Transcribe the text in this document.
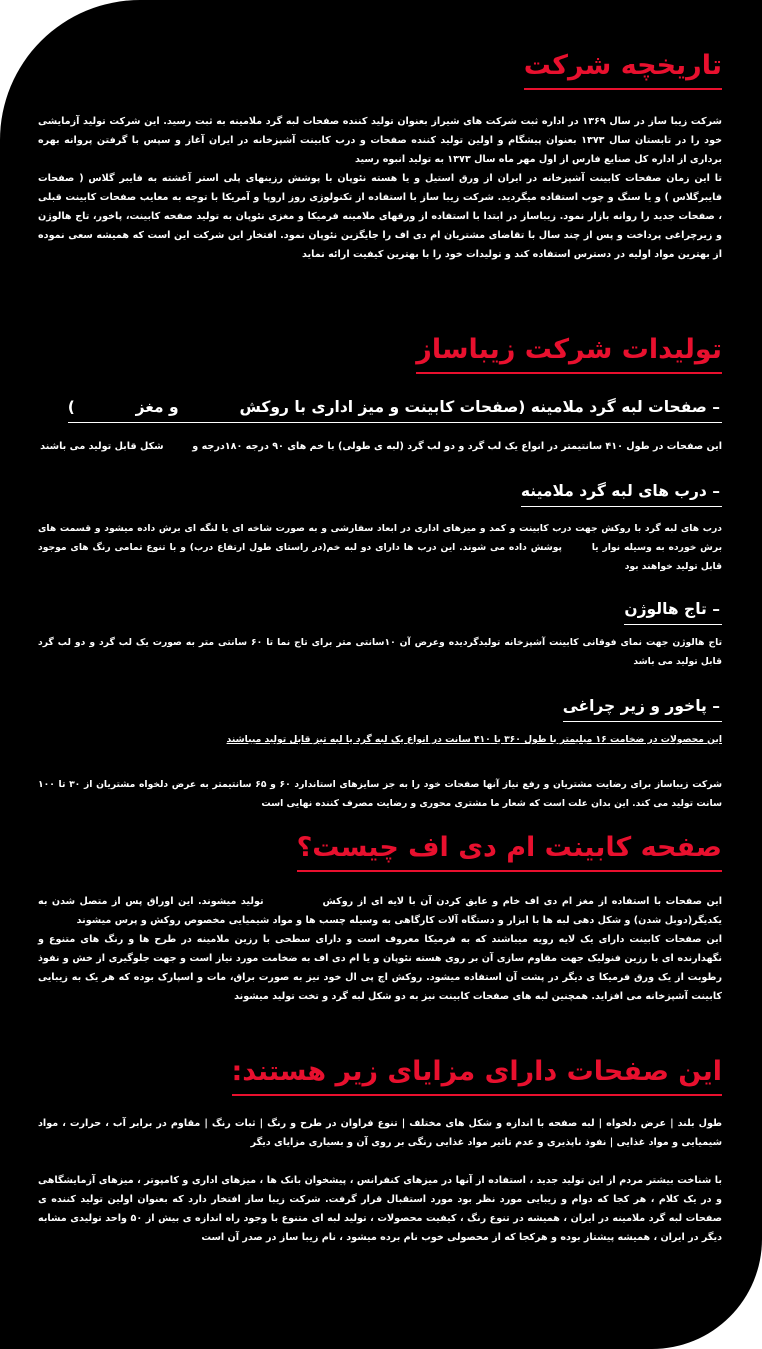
تاریخچه شرکت

شرکت زیبا ساز در سال ۱۳۶۹ در اداره ثبت شرکت های شیراز بعنوان تولید کننده صفحات لبه گرد ملامینه به ثبت رسید. این شرکت تولید آزمایشی خود را در تابستان سال ۱۳۷۳ بعنوان پیشگام و اولین تولید کننده صفحات و درب کابینت آشپزخانه در ایران آغاز و سپس با گرفتن پروانه بهره برداری از اداره کل صنایع فارس از اول مهر ماه سال ۱۳۷۳ به تولید انبوه رسید

تا این زمان صفحات کابینت آشپزخانه در ایران از ورق استیل و یا هسته نئوپان با پوشش رزینهای پلی استر آغشته به فایبر گلاس ( صفحات فایبرگلاس ) و یا سنگ و چوب استفاده میگردید. شرکت زیبا ساز با استفاده از تکنولوژی روز اروپا و آمریکا با توجه به معایب صفحات کابینت قبلی ، صفحات جدید را روانه بازار نمود. زیباساز در ابتدا با استفاده از ورقهای ملامینه فرمیکا و مغزی نئوپان به تولید صفحه کابینت، پاخور، تاج هالوژن و زیرچراغی پرداخت و پس از چند سال با تقاضای مشتریان ام دی اف را جایگزین نئوپان نمود. افتخار این شرکت این است که همیشه سعی نموده از بهترین مواد اولیه در دسترس استفاده کند و تولیدات خود را با بهترین کیفیت ارائه نماید

تولیدات شرکت زیباساز
– صفحات لبه گرد ملامینه (صفحات کابینت و میز اداری با روکش  و مغز  )

این صفحات در طول ۴۱۰ سانتیمتر در انواع یک لب گرد و دو لب گرد (لبه ی طولی) با خم های ۹۰ درجه ۱۸۰درجه و  شکل قابل تولید می باشند

– درب های لبه گرد ملامینه

درب های لبه گرد با روکش جهت درب کابینت و کمد و میزهای اداری در ابعاد سفارشی و به صورت شاخه ای یا لنگه ای برش داده میشود و قسمت های برش خورده به وسیله نوار یا  پوشش داده می شوند. این درب ها دارای دو لبه خم(در راستای طول ارتفاع درب) و با تنوع تمامی رنگ های موجود قابل تولید خواهند بود

– تاج هالوژن

تاج هالوژن جهت نمای فوقانی کابینت آشپزخانه تولیدگردیده وعرض آن ۱۰سانتی متر برای تاج نما تا ۶۰ سانتی متر به صورت یک لب گرد و دو لب گرد قابل تولید می باشد

– پاخور و زیر چراغی

این محصولات در ضخامت ۱۶ میلیمتر با طول ۳۶۰ یا ۴۱۰ سانت در انواع یک لبه گرد یا لبه تیز قابل تولید میباشند

شرکت زیباساز برای رضایت مشتریان و رفع نیاز آنها صفحات خود را به جز سایزهای استاندارد ۶۰ و ۶۵ سانتیمتر به عرض دلخواه مشتریان از ۳۰ تا ۱۰۰ سانت تولید می کند. این بدان علت است که شعار ما مشتری محوری و رضایت مصرف کننده نهایی است

صفحه کابینت ام دی اف چیست؟

این صفحات با استفاده از مغز ام دی اف خام و عایق کردن آن با لایه ای از روکش  تولید میشوند. این اوراق پس از متصل شدن به یکدیگر(دوبل شدن) و شکل دهی لبه ها با ابزار و دستگاه آلات کارگاهی به وسیله چسب ها و مواد شیمیایی مخصوص روکش و پرس میشوند

این صفحات کابینت دارای یک لایه رویه میباشند که به فرمیکا معروف است و دارای سطحی با رزین ملامینه در طرح ها و رنگ های متنوع و نگهدارنده ای با رزین فنولیک جهت مقاوم سازی آن بر روی هسته نئوپان و یا ام دی اف به ضخامت مورد نیاز است و جهت جلوگیری از خش و نفوذ رطوبت از یک ورق فرمیکا ی دیگر در پشت آن استفاده میشود. روکش اچ پی ال خود نیز به صورت براق، مات و اسپارک بوده که هر یک به زیبایی کابینت آشپزخانه می افزاید. همچنین لبه های صفحات کابینت نیز به دو شکل لبه گرد و تخت تولید میشوند

این صفحات دارای مزایای زیر هستند:

طول بلند | عرض دلخواه | لبه صفحه با اندازه و شکل های مختلف | تنوع فراوان در طرح و رنگ | ثبات رنگ | مقاوم در برابر آب ، حرارت ، مواد شیمیایی و مواد غذایی | نفوذ ناپذیری و عدم تاثیر مواد غذایی رنگی بر روی آن و بسیاری مزایای دیگر

با شناخت بیشتر مردم از این تولید جدید ، استفاده از آنها در میزهای کنفرانس ، پیشخوان بانک ها ، میزهای اداری و کامپوتر ، میزهای آزمایشگاهی و در یک کلام ، هر کجا که دوام و زیبایی مورد نظر بود مورد استقبال قرار گرفت. شرکت زیبا ساز افتخار دارد که بعنوان اولین تولید کننده ی صفحات لبه گرد ملامینه در ایران ، همیشه در تنوع رنگ ، کیفیت محصولات ، تولید لبه ای متنوع با وجود راه اندازه ی بیش از ۵۰ واحد تولیدی مشابه دیگر در ایران ، همیشه پیشتاز بوده و هرکجا که از محصولی خوب نام برده میشود ، نام زیبا ساز در صدر آن است
